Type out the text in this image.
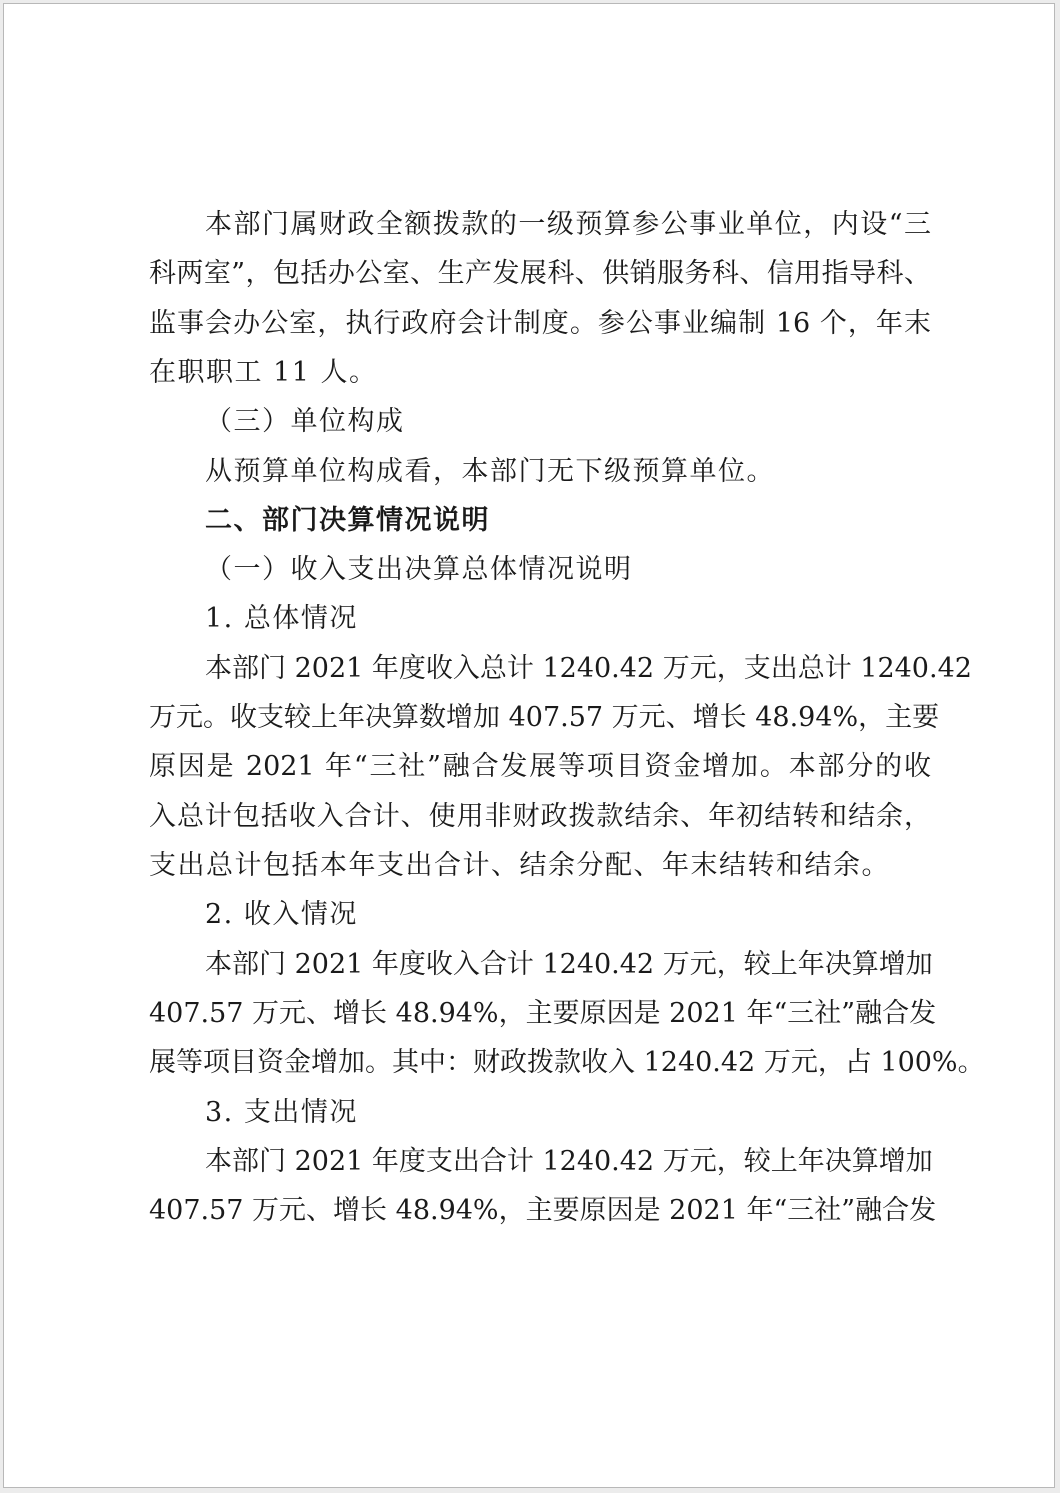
本部门属财政全额拨款的一级预算参公事业单位，内设“三
科两室”，包括办公室、生产发展科、供销服务科、信用指导科、
监事会办公室，执行政府会计制度。参公事业编制 16 个，年末
在职职工 11 人。
（三）单位构成
从预算单位构成看，本部门无下级预算单位。
二、部门决算情况说明
（一）收入支出决算总体情况说明
1. 总体情况
本部门 2021 年度收入总计 1240.42 万元，支出总计 1240.42
万元。收支较上年决算数增加 407.57 万元、增长 48.94%，主要
原因是 2021 年“三社”融合发展等项目资金增加。本部分的收
入总计包括收入合计、使用非财政拨款结余、年初结转和结余，
支出总计包括本年支出合计、结余分配、年末结转和结余。
2. 收入情况
本部门 2021 年度收入合计 1240.42 万元，较上年决算增加
407.57 万元、增长 48.94%，主要原因是 2021 年“三社”融合发
展等项目资金增加。其中：财政拨款收入 1240.42 万元，占 100%。
3. 支出情况
本部门 2021 年度支出合计 1240.42 万元，较上年决算增加
407.57 万元、增长 48.94%，主要原因是 2021 年“三社”融合发
